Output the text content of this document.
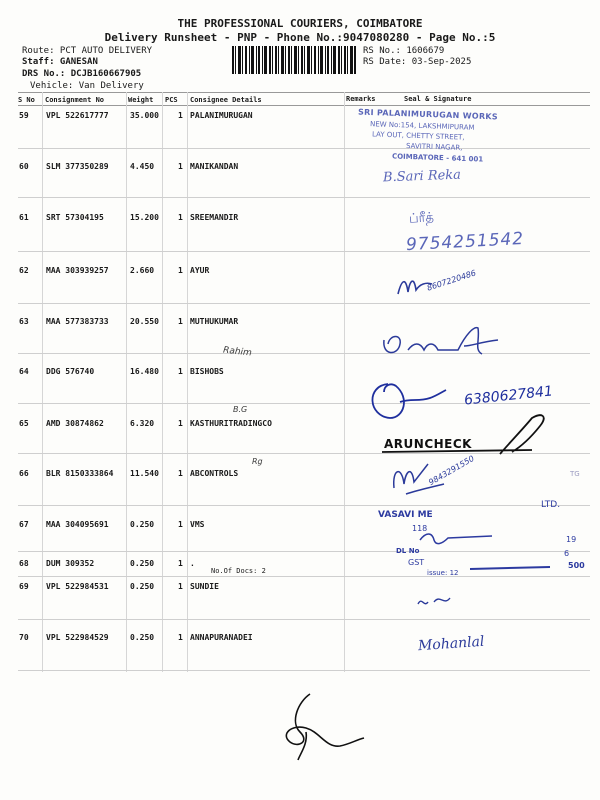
THE PROFESSIONAL COURIERS, COIMBATORE
Delivery Runsheet - PNP - Phone No.:9047080280 - Page No.:5
Route: PCT AUTO DELIVERY
Staff: GANESAN
DRS No.: DCJB160667905
Vehicle: Van Delivery
RS No.: 1606679
RS Date: 03-Sep-2025
S No Consignment No	Weight PCS Consignee Details	Remarks	Seal & Signature
59 VPL 522617777	35.000 1 PALANIMURUGAN
60 SLM 377350289	4.450	1 MANIKANDAN
61 SRT 57304195	15.200 1 SREEMANDIR
62 MAA 303939257	2.660	1 AYUR
63 MAA 577383733	20.550 1 MUTHUKUMAR
64 DDG 576740	16.480 1 BISHOBS
65 AMD 30874862	6.320	1 KASTHURITRADINGCO
66 BLR 8150333864 11.540 1 ABCONTROLS
67 MAA 304095691	0.250	1 VMS
68 DUM 309352	0.250	1 .
No.Of Docs: 2
69 VPL 522984531	0.250	1 SUNDIE
70 VPL 522984529	0.250	1 ANNAPURANADEI
SRI PALANIMURUGAN WORKS
NEW No:154, LAKSHMIPURAM
LAY OUT, CHETTY STREET,
SAVITRI NAGAR,
COIMBATORE - 641 001
B.Sari Reka
ப்ரீத்
9754251542
8607220486
Rahim
6380627841
B.G
ARUNCHECK
Rg	9843291550	TG
VASAVI ME
118
DL No
GST
issue: 12
LTD.
19
6
500
Mohanlal
